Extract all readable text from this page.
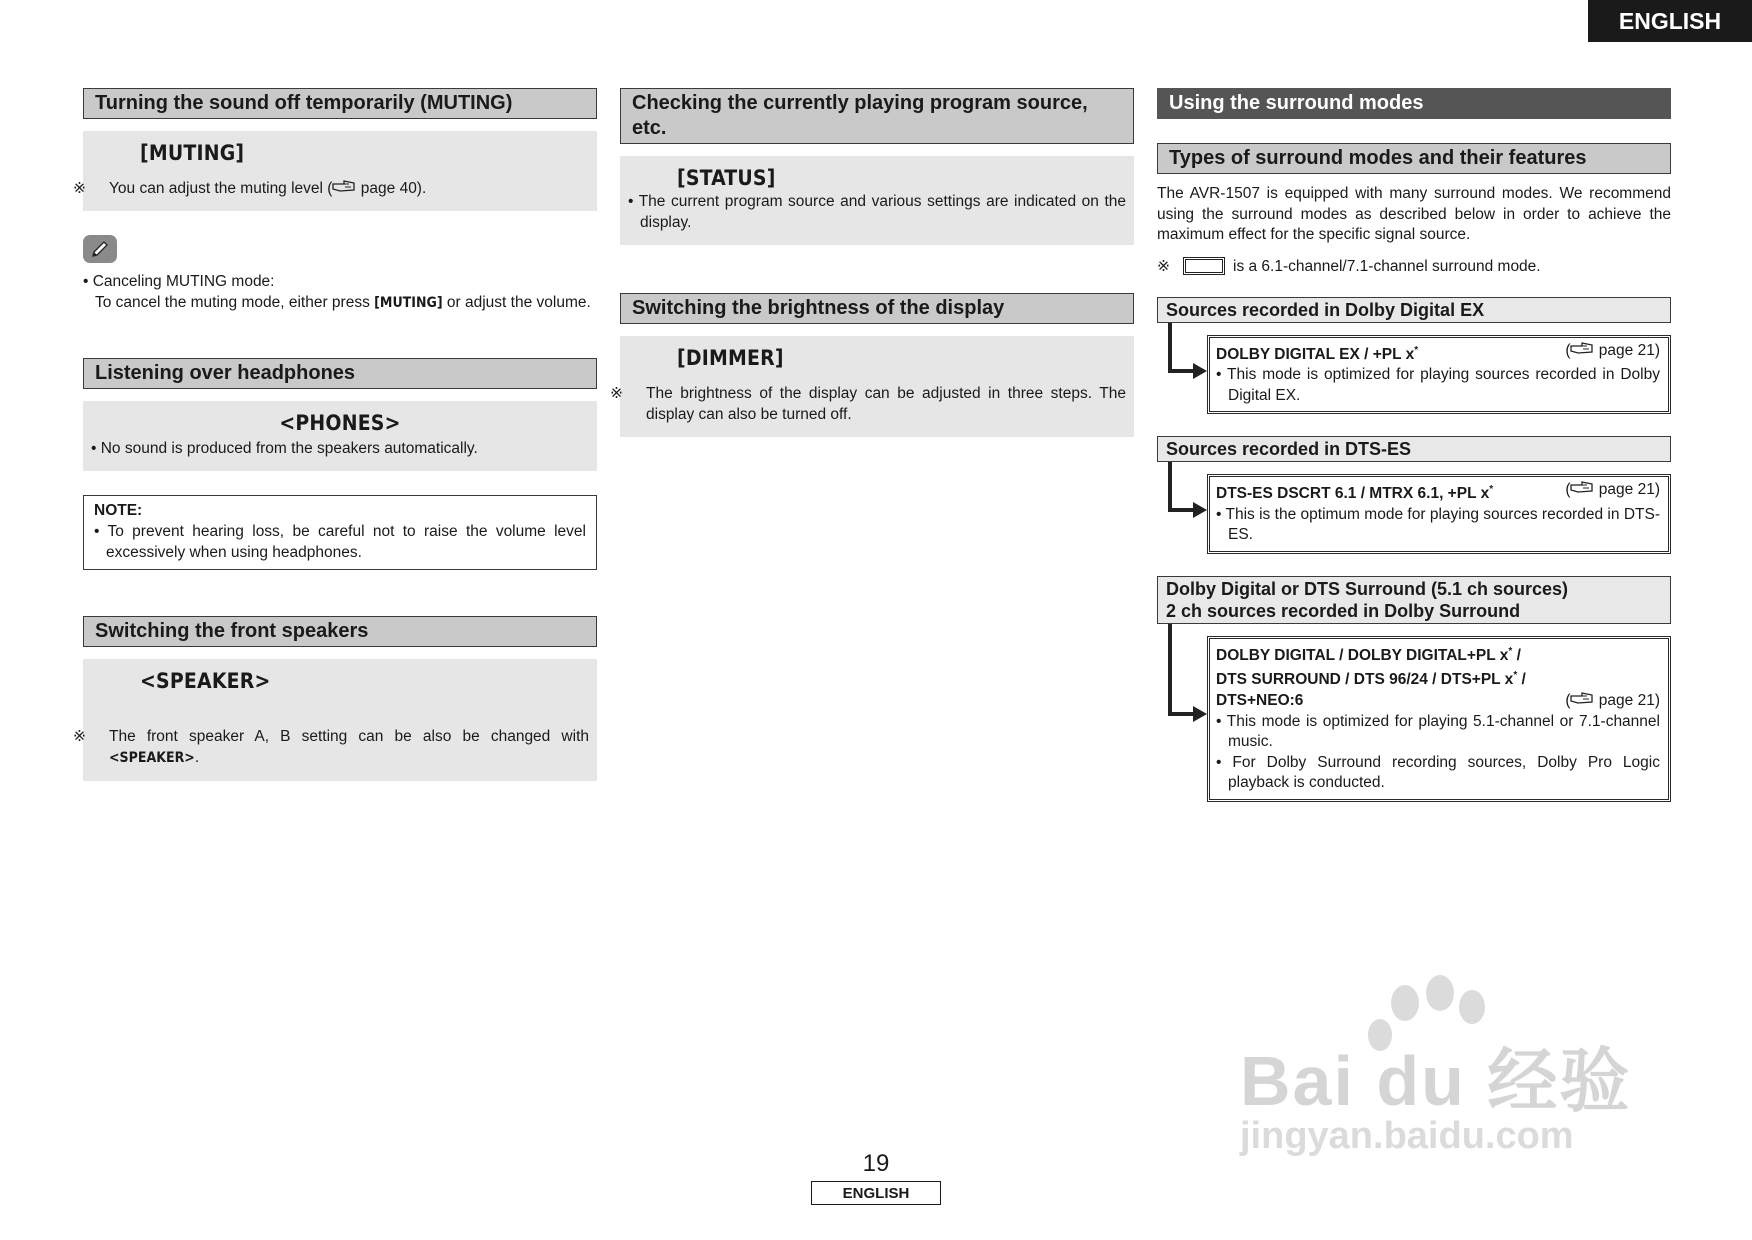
ENGLISH
Turning the sound off temporarily (MUTING)
[MUTING]
※ You can adjust the muting level ( page 40).
• Canceling MUTING mode:
To cancel the muting mode, either press [MUTING] or adjust the volume.
Listening over headphones
<PHONES>
• No sound is produced from the speakers automatically.
NOTE:
• To prevent hearing loss, be careful not to raise the volume level excessively when using headphones.
Switching the front speakers
<SPEAKER>
※ The front speaker A, B setting can be also be changed with <SPEAKER>.
Checking the currently playing program source, etc.
[STATUS]
• The current program source and various settings are indicated on the display.
Switching the brightness of the display
[DIMMER]
※ The brightness of the display can be adjusted in three steps. The display can also be turned off.
Using the surround modes
Types of surround modes and their features
The AVR-1507 is equipped with many surround modes. We recommend using the surround modes as described below in order to achieve the maximum effect for the specific signal source.
※	is a 6.1-channel/7.1-channel surround mode.
Sources recorded in Dolby Digital EX
DOLBY DIGITAL EX / +PL x*	( page 21)
• This mode is optimized for playing sources recorded in Dolby Digital EX.
Sources recorded in DTS-ES
DTS-ES DSCRT 6.1 / MTRX 6.1, +PL x*	( page 21)
• This is the optimum mode for playing sources recorded in DTS-ES.
Dolby Digital or DTS Surround (5.1 ch sources)
2 ch sources recorded in Dolby Surround
DOLBY DIGITAL / DOLBY DIGITAL+PL x* /
DTS SURROUND / DTS 96/24 / DTS+PL x* /
DTS+NEO:6	( page 21)
• This mode is optimized for playing 5.1-channel or 7.1-channel music.
• For Dolby Surround recording sources, Dolby Pro Logic playback is conducted.
Bai du 经验
jingyan.baidu.com
19
ENGLISH
